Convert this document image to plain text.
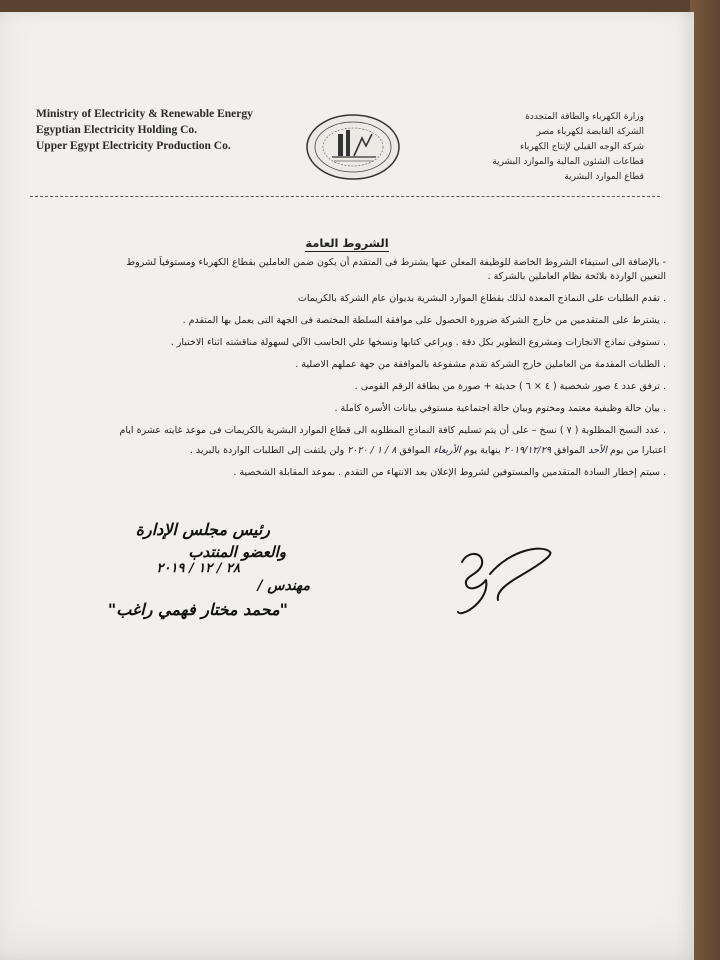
Ministry of Electricity & Renewable Energy
Egyptian Electricity Holding Co.
Upper Egypt Electricity Production Co.
وزارة الكهرباء والطاقة المتجددة
الشركة القابضة لكهرباء مصر
شركة الوجه القبلي لإنتاج الكهرباء
قطاعات الشئون المالية والموارد البشرية
قطاع الموارد البشرية
الشروط العامة
- بالإضافة الى استيفاء الشروط الخاصة للوظيفة المعلن عنها يشترط فى المتقدم أن يكون ضمن العاملين بقطاع الكهرباء ومستوفياً لشروط
التعيين الواردة بلائحة نظام العاملين بالشركة .
. تقدم الطلبات على النماذج المعدة لذلك بقطاع الموارد البشرية بديوان عام الشركة بالكريمات
. يشترط على المتقدمين من خارج الشركة ضرورة الحصول على موافقة السلطة المختصة فى الجهة التى يعمل بها المتقدم .
. تستوفى نماذج الانجازات ومشروع التطوير بكل دقة . ويراعي كتابها ونسخها علي الحاسب الآلي لسهولة مناقشته اثناء الاختبار .
. الطلبات المقدمة من العاملين خارج الشركة تقدم مشفوعة بالموافقة من جهة عملهم الاصلية .
. ترفق عدد ٤ صور شخصية ( ٤ × ٦ ) حديثة + صورة من بطاقة الرقم القومى .
. بيان حالة وظيفية معتمد ومختوم وبيان حالة اجتماعية مستوفي بيانات الأسرة كاملة .
. عدد النسخ المطلوبة ( ٧ ) نسخ – على أن يتم تسليم كافة النماذج المطلوبه الى قطاع الموارد البشرية بالكريمات فى موعد غايته عشرة ايام
اعتبارا من يوم الأحد الموافق ٢٠١٩/١٢/٢٩ بنهاية يوم الأربعاء الموافق ٨ / ١ / ٢٠٢٠ ولن يلتفت إلى الطلبات الواردة بالبريد .
. سيتم إخطار السادة المتقدمين والمستوفين لشروط الإعلان بعد الانتهاء من التقدم . بموعد المقابلة الشخصية .
رئيس مجلس الإدارة
والعضو المنتدب
٢٨ / ١٢ / ٢٠١٩
مهندس /
"محمد مختار فهمي راغب"
